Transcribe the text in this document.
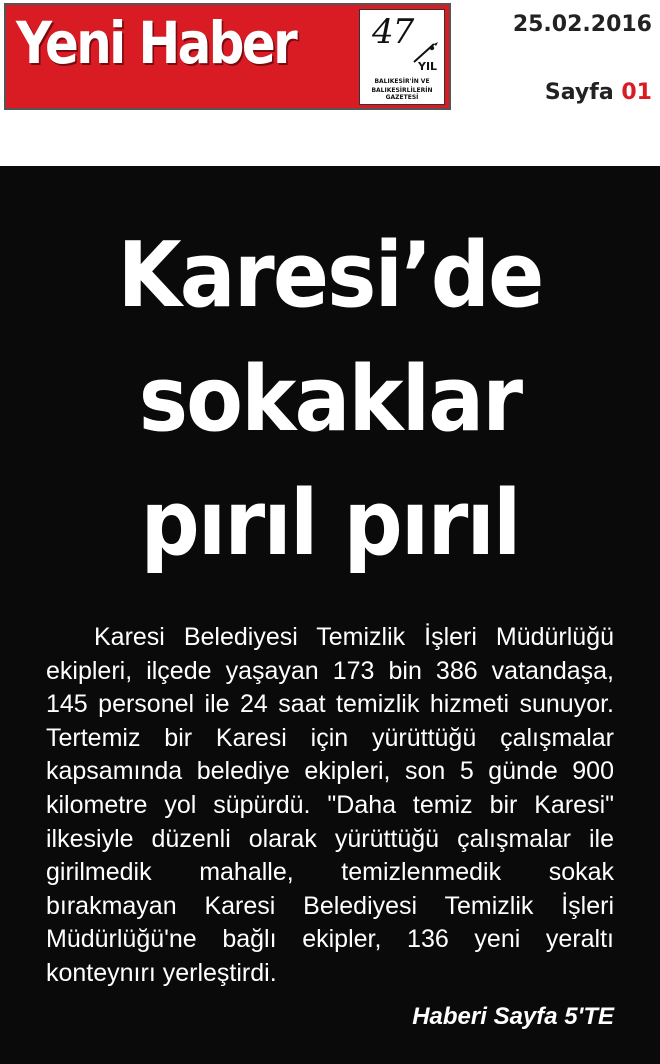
Yeni Haber 47
YIL
BALIKESİR'İN VE
BALIKESİRLİLERİN GAZETESİ
25.02.2016
Sayfa 01
Karesi’de
sokaklar
pırıl pırıl

Karesi Belediyesi Temizlik İşleri Müdürlüğü ekipleri, ilçede yaşayan 173 bin 386 vatandaşa, 145 personel ile 24 saat temizlik hizmeti sunuyor. Tertemiz bir Karesi için yürüttüğü çalışmalar kapsamında belediye ekipleri, son 5 günde 900 kilometre yol süpürdü. "Daha temiz bir Karesi" ilkesiyle düzenli olarak yürüttüğü çalışmalar ile girilmedik mahalle, temizlenmedik sokak bırakmayan Karesi Belediyesi Temizlik İşleri Müdürlüğü'ne bağlı ekipler, 136 yeni yeraltı konteynırı yerleştirdi.

Haberi Sayfa 5'TE
